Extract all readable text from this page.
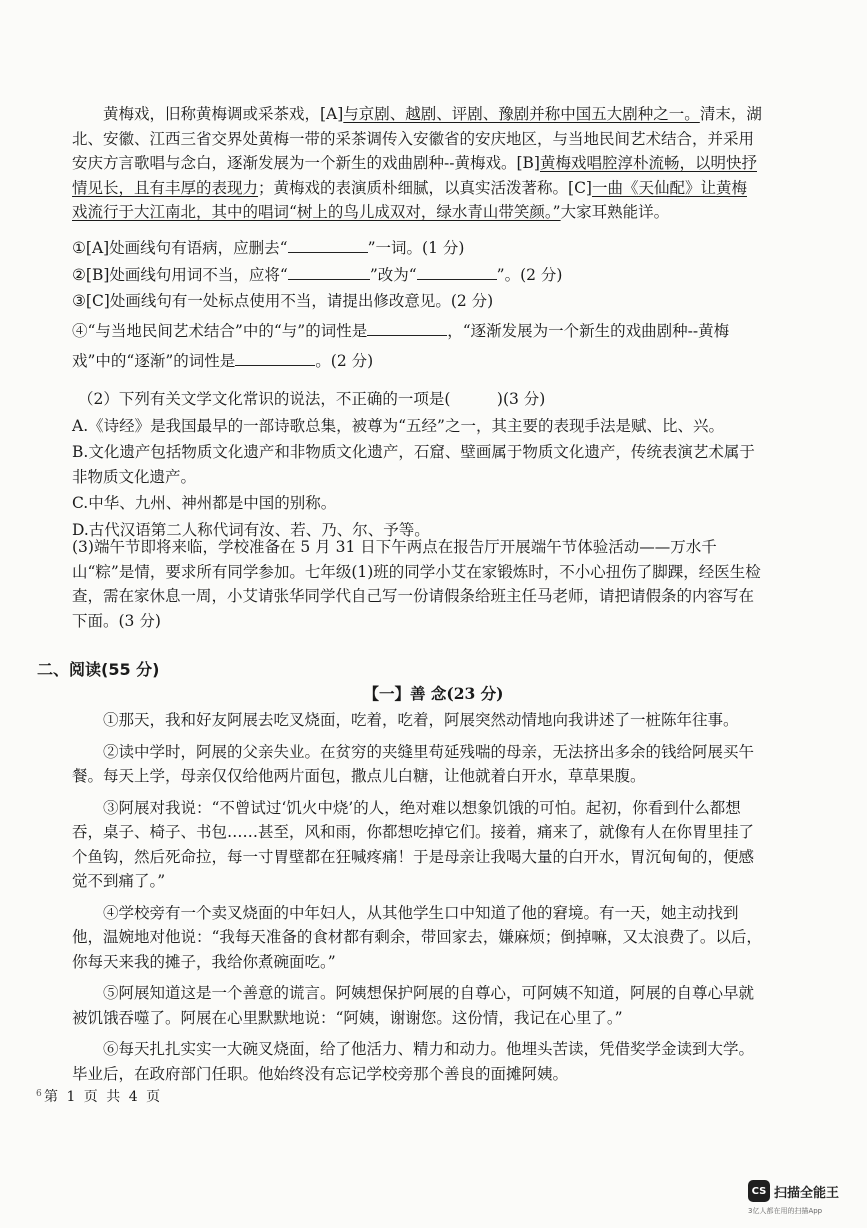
黄梅戏，旧称黄梅调或采茶戏，[A]与京剧、越剧、评剧、豫剧并称中国五大剧种之一。清末，湖北、安徽、江西三省交界处黄梅一带的采茶调传入安徽省的安庆地区，与当地民间艺术结合，并采用安庆方言歌唱与念白，逐渐发展为一个新生的戏曲剧种--黄梅戏。[B]黄梅戏唱腔淳朴流畅，以明快抒情见长，且有丰厚的表现力；黄梅戏的表演质朴细腻，以真实活泼著称。[C]一曲《天仙配》让黄梅戏流行于大江南北，其中的唱词“树上的鸟儿成双对，绿水青山带笑颜。”大家耳熟能详。

①[A]处画线句有语病，应删去“	”一词。(1 分)

②[B]处画线句用词不当，应将“	”改为“	”。(2 分)

③[C]处画线句有一处标点使用不当，请提出修改意见。(2 分)

④“与当地民间艺术结合”中的“与”的词性是	，“逐渐发展为一个新生的戏曲剧种--黄梅戏”中的“逐渐”的词性是	。(2 分)

（2）下列有关文学文化常识的说法，不正确的一项是(　　　)(3 分)

A.《诗经》是我国最早的一部诗歌总集，被尊为“五经”之一，其主要的表现手法是赋、比、兴。

B.文化遗产包括物质文化遗产和非物质文化遗产，石窟、壁画属于物质文化遗产，传统表演艺术属于非物质文化遗产。

C.中华、九州、神州都是中国的别称。

D.古代汉语第二人称代词有汝、若、乃、尔、予等。

(3)端午节即将来临，学校准备在 5 月 31 日下午两点在报告厅开展端午节体验活动——万水千山“粽”是情，要求所有同学参加。七年级(1)班的同学小艾在家锻炼时，不小心扭伤了脚踝，经医生检查，需在家休息一周，小艾请张华同学代自己写一份请假条给班主任马老师，请把请假条的内容写在下面。(3 分)

二、阅读(55 分)
【一】善 念(23 分)

①那天，我和好友阿展去吃叉烧面，吃着，吃着，阿展突然动情地向我讲述了一桩陈年往事。

②读中学时，阿展的父亲失业。在贫穷的夹缝里苟延残喘的母亲，无法挤出多余的钱给阿展买午餐。每天上学，母亲仅仅给他两片面包，撒点儿白糖，让他就着白开水，草草果腹。

③阿展对我说：“不曾试过‘饥火中烧’的人，绝对难以想象饥饿的可怕。起初，你看到什么都想吞，桌子、椅子、书包……甚至，风和雨，你都想吃掉它们。接着，痛来了，就像有人在你胃里挂了个鱼钩，然后死命拉，每一寸胃壁都在狂喊疼痛！于是母亲让我喝大量的白开水，胃沉甸甸的，便感觉不到痛了。”

④学校旁有一个卖叉烧面的中年妇人，从其他学生口中知道了他的窘境。有一天，她主动找到他，温婉地对他说：“我每天准备的食材都有剩余，带回家去，嫌麻烦；倒掉嘛，又太浪费了。以后，你每天来我的摊子，我给你煮碗面吃。”

⑤阿展知道这是一个善意的谎言。阿姨想保护阿展的自尊心，可阿姨不知道，阿展的自尊心早就被饥饿吞噬了。阿展在心里默默地说：“阿姨，谢谢您。这份情，我记在心里了。”

⑥每天扎扎实实一大碗叉烧面，给了他活力、精力和动力。他埋头苦读，凭借奖学金读到大学。毕业后，在政府部门任职。他始终没有忘记学校旁那个善良的面摊阿姨。

6 第 1 页 共 4 页
CS 扫描全能王
3亿人都在用的扫描App
